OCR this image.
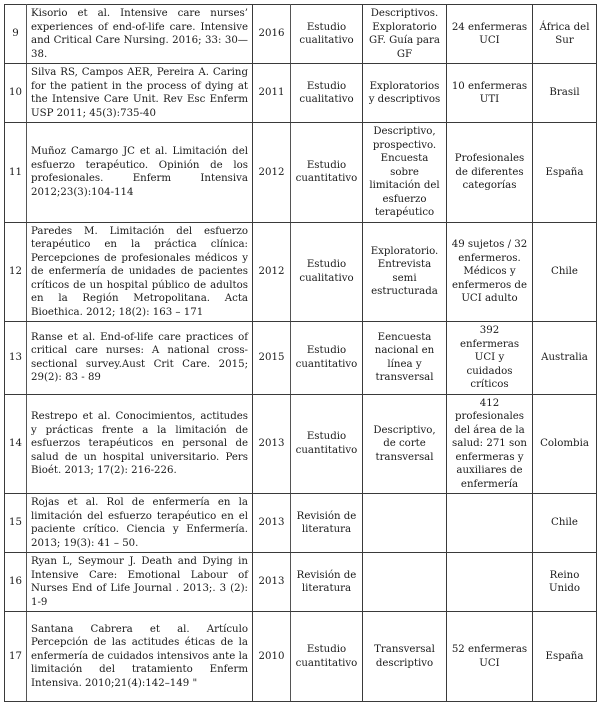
9	Kisorio et al. Intensive care nurses’ experiences of end-of-life care. Intensive and Critical Care Nursing. 2016; 33: 30—38.	2016	Estudio cualitativo	Descriptivos. Exploratorio GF. Guía para GF	24 enfermeras UCI	África del Sur
10	Silva RS, Campos AER, Pereira A. Caring for the patient in the process of dying at the Intensive Care Unit. Rev Esc Enferm USP 2011; 45(3):735-40	2011	Estudio cualitativo	Exploratorios y descriptivos	10 enfermeras UTI	Brasil
11	Muñoz Camargo JC et al. Limitación del esfuerzo terapéutico. Opinión de los profesionales. Enferm Intensiva 2012;23(3):104-114	2012	Estudio cuantitativo	Descriptivo, prospectivo. Encuesta sobre limitación del esfuerzo terapéutico	Profesionales de diferentes categorías	España
12	Paredes M. Limitación del esfuerzo terapéutico en la práctica clínica: Percepciones de profesionales médicos y de enfermería de unidades de pacientes críticos de un hospital público de adultos en la Región Metropolitana. Acta Bioethica. 2012; 18(2): 163 – 171	2012	Estudio cualitativo	Exploratorio. Entrevista semi estructurada	49 sujetos / 32 enfermeros. Médicos y enfermeros de UCI adulto	Chile
13	Ranse et al. End-of-life care practices of critical care nurses: A national cross-sectional survey.Aust Crit Care. 2015; 29(2): 83 - 89	2015	Estudio cuantitativo	Eencuesta nacional en línea y transversal	392 enfermeras UCI y cuidados críticos	Australia
14	Restrepo et al. Conocimientos, actitudes y prácticas frente a la limitación de esfuerzos terapéuticos en personal de salud de un hospital universitario. Pers Bioét. 2013; 17(2): 216-226.	2013	Estudio cuantitativo	Descriptivo, de corte transversal	412 profesionales del área de la salud: 271 son enfermeras y auxiliares de enfermería	Colombia
15	Rojas et al. Rol de enfermería en la limitación del esfuerzo terapéutico en el paciente crítico. Ciencia y Enfermería. 2013; 19(3): 41 – 50.	2013	Revisión de literatura			Chile
16	Ryan L, Seymour J. Death and Dying in Intensive Care: Emotional Labour of Nurses End of Life Journal . 2013;. 3 (2): 1-9	2013	Revisión de literatura			Reino Unido
17	Santana Cabrera et al. Artículo Percepción de las actitudes éticas de la enfermería de cuidados intensivos ante la limitación del tratamiento Enferm Intensiva. 2010;21(4):142–149 "	2010	Estudio cuantitativo	Transversal descriptivo	52 enfermeras UCI	España
